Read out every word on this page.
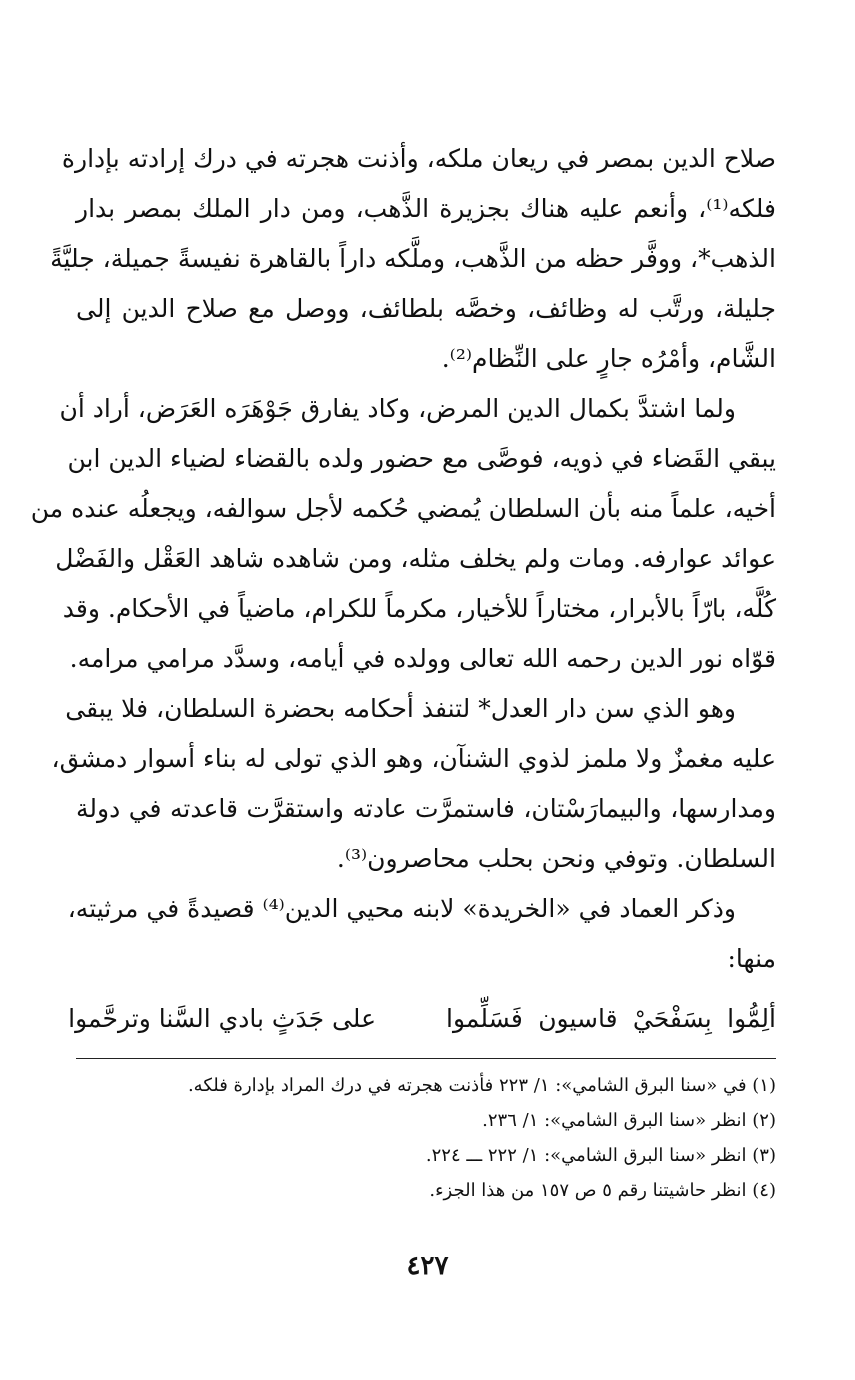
صلاح الدين بمصر في ريعان ملكه، وأذنت هجرته في درك إرادته بإدارة
فلكه⁽¹⁾، وأنعم عليه هناك بجزيرة الذَّهب، ومن دار الملك بمصر بدار
الذهب*، ووفَّر حظه من الذَّهب، وملَّكه داراً بالقاهرة نفيسةً جميلة، جليَّةً
جليلة، ورتَّب له وظائف، وخصَّه بلطائف، ووصل مع صلاح الدين إلى
الشَّام، وأمْرُه جارٍ على النِّظام⁽²⁾.
ولما اشتدَّ بكمال الدين المرض، وكاد يفارق جَوْهَرَه العَرَض، أراد أن
يبقي القَضاء في ذويه، فوصَّى مع حضور ولده بالقضاء لضياء الدين ابن
أخيه، علماً منه بأن السلطان يُمضي حُكمه لأجل سوالفه، ويجعلُه عنده من
عوائد عوارفه. ومات ولم يخلف مثله، ومن شاهده شاهد العَقْل والفَضْل
كُلَّه، بارّاً بالأبرار، مختاراً للأخيار، مكرماً للكرام، ماضياً في الأحكام. وقد
قوّاه نور الدين رحمه الله تعالى وولده في أيامه، وسدَّد مرامي مرامه.
وهو الذي سن دار العدل* لتنفذ أحكامه بحضرة السلطان، فلا يبقى
عليه مغمزٌ ولا ملمز لذوي الشنآن، وهو الذي تولى له بناء أسوار دمشق،
ومدارسها، والبيمارَسْتان، فاستمرَّت عادته واستقرَّت قاعدته في دولة
السلطان. وتوفي ونحن بحلب محاصرون⁽³⁾.
وذكر العماد في «الخريدة» لابنه محيي الدين⁽⁴⁾ قصيدةً في مرثيته،
منها:
ألِمُّوا بِسَفْحَيْ قاسيون فَسَلِّموا
على جَدَثٍ بادي السَّنا وترحَّموا
(١) في «سنا البرق الشامي»: ١/ ٢٢٣ فأذنت هجرته في درك المراد بإدارة فلكه.
(٢) انظر «سنا البرق الشامي»: ١/ ٢٣٦.
(٣) انظر «سنا البرق الشامي»: ١/ ٢٢٢ ـــ ٢٢٤.
(٤) انظر حاشيتنا رقم ٥ ص ١٥٧ من هذا الجزء.
٤٢٧
